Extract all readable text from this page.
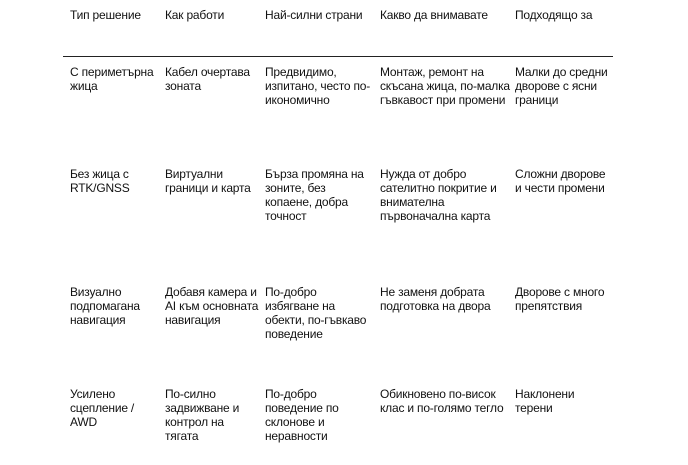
Тип решение Как работи	Най-силни страни Какво да внимавате Подходящо за
С периметърна
жица
Кабел очертава
зоната
Предвидимо,
изпитано, често по-
икономично
Монтаж, ремонт на
скъсана жица, по-малка
гъвкавост при промени
Малки до средни
дворове с ясни
граници
Без жица с
RTK/GNSS
Виртуални
граници и карта
Бърза промяна на
зоните, без
копаене, добра
точност
Нужда от добро
сателитно покритие и
внимателна
първоначална карта
Сложни дворове
и чести промени
Визуално
подпомагана
навигация
Добавя камера и
AI към основната
навигация
По-добро
избягване на
обекти, по-гъвкаво
поведение
Не заменя добрата
подготовка на двора
Дворове с много
препятствия
Усилено
сцепление /
AWD
По-силно
задвижване и
контрол на
тягата
По-добро
поведение по
склонове и
неравности
Обикновено по-висок
клас и по-голямо тегло
Наклонени
терени
